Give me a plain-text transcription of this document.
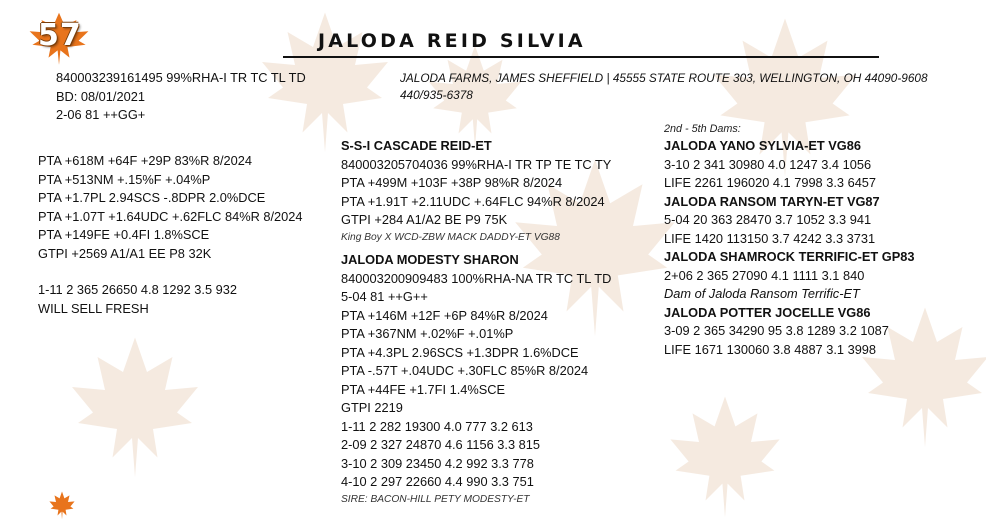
57	JALODA REID SILVIA
840003239161495 99%RHA-I TR TC TL TD
BD: 08/01/2021
2-06 81 ++GG+
JALODA FARMS, JAMES SHEFFIELD | 45555 STATE ROUTE 303, WELLINGTON, OH 44090-9608
440/935-6378
PTA +618M +64F +29P 83%R 8/2024
PTA +513NM +.15%F +.04%P
PTA +1.7PL 2.94SCS -.8DPR 2.0%DCE
PTA +1.07T +1.64UDC +.62FLC 84%R 8/2024
PTA +149FE +0.4FI 1.8%SCE
GTPI +2569 A1/A1 EE P8 32K
1-11 2 365 26650 4.8 1292 3.5 932
WILL SELL FRESH
S-S-I CASCADE REID-ET
840003205704036 99%RHA-I TR TP TE TC TY
PTA +499M +103F +38P 98%R 8/2024
PTA +1.91T +2.11UDC +.64FLC 94%R 8/2024
GTPI +284 A1/A2 BE P9 75K
King Boy X WCD-ZBW MACK DADDY-ET VG88
JALODA MODESTY SHARON
840003200909483 100%RHA-NA TR TC TL TD
5-04 81 ++G++
PTA +146M +12F +6P 84%R 8/2024
PTA +367NM +.02%F +.01%P
PTA +4.3PL 2.96SCS +1.3DPR 1.6%DCE
PTA -.57T +.04UDC +.30FLC 85%R 8/2024
PTA +44FE +1.7FI 1.4%SCE
GTPI 2219
1-11 2 282 19300 4.0 777 3.2 613
2-09 2 327 24870 4.6 1156 3.3 815
3-10 2 309 23450 4.2 992 3.3 778
4-10 2 297 22660 4.4 990 3.3 751
SIRE: BACON-HILL PETY MODESTY-ET
2nd - 5th Dams:
JALODA YANO SYLVIA-ET VG86
3-10 2 341 30980 4.0 1247 3.4 1056
LIFE 2261 196020 4.1 7998 3.3 6457
JALODA RANSOM TARYN-ET VG87
5-04 20 363 28470 3.7 1052 3.3 941
LIFE 1420 113150 3.7 4242 3.3 3731
JALODA SHAMROCK TERRIFIC-ET GP83
2+06 2 365 27090 4.1 1111 3.1 840
Dam of Jaloda Ransom Terrific-ET
JALODA POTTER JOCELLE VG86
3-09 2 365 34290 95 3.8 1289 3.2 1087
LIFE 1671 130060 3.8 4887 3.1 3998
